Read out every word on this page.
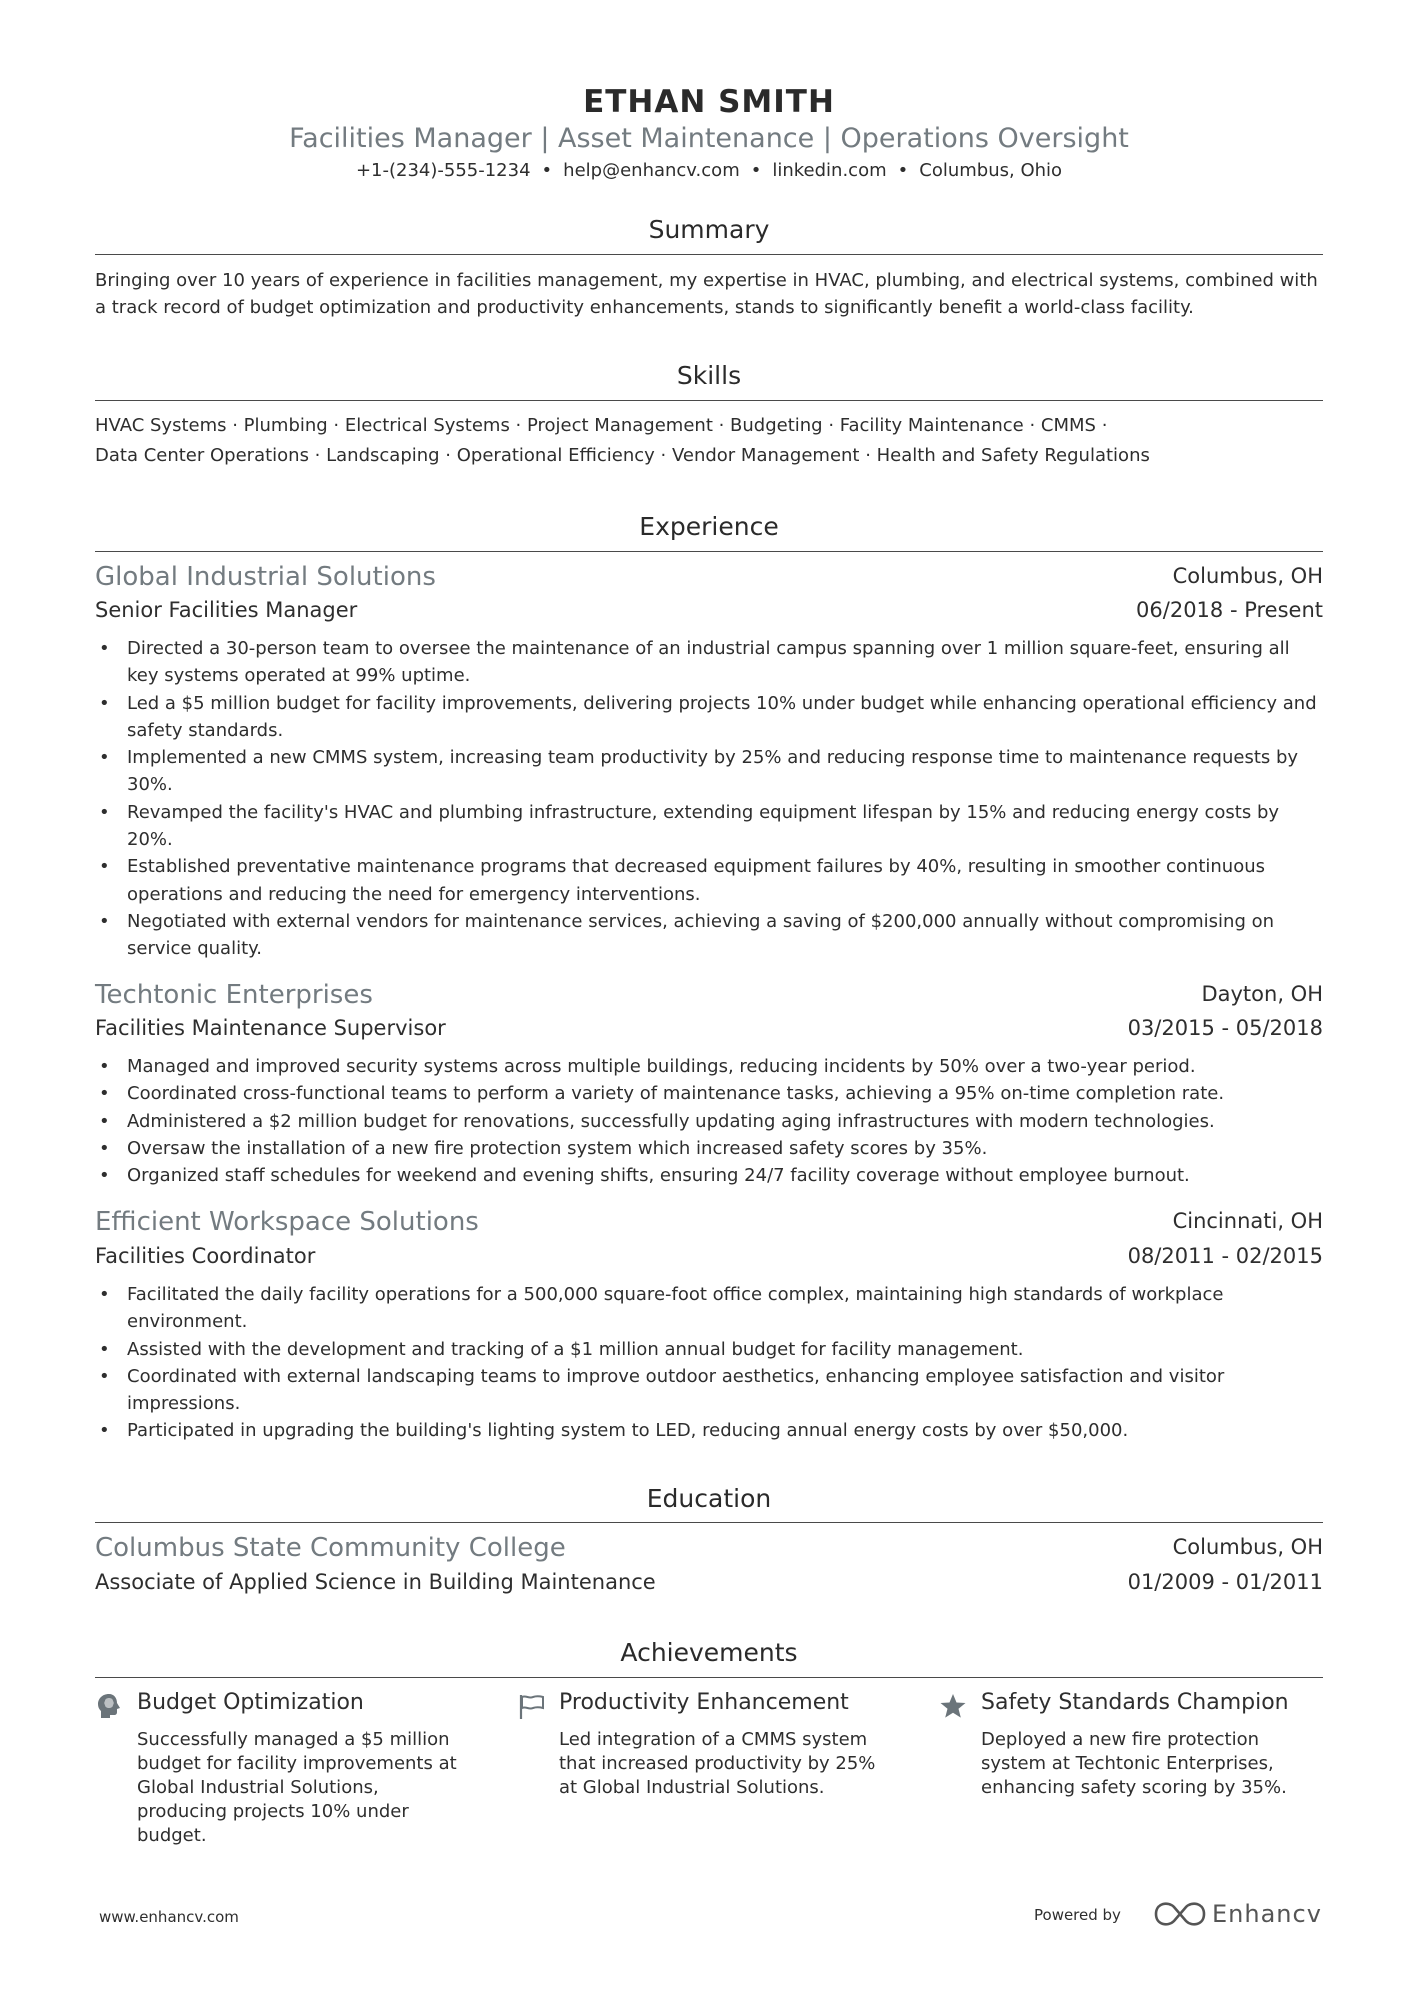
ETHAN SMITH
Facilities Manager | Asset Maintenance | Operations Oversight
+1-(234)-555-1234 • help@enhancv.com • linkedin.com • Columbus, Ohio
Summary
Bringing over 10 years of experience in facilities management, my expertise in HVAC, plumbing, and electrical systems, combined with a track record of budget optimization and productivity enhancements, stands to significantly benefit a world-class facility.
Skills
HVAC Systems · Plumbing · Electrical Systems · Project Management · Budgeting · Facility Maintenance · CMMS ·
Data Center Operations · Landscaping · Operational Efficiency · Vendor Management · Health and Safety Regulations
Experience
Global Industrial Solutions	Columbus, OH
Senior Facilities Manager	06/2018 - Present
• Directed a 30-person team to oversee the maintenance of an industrial campus spanning over 1 million square-feet, ensuring all key systems operated at 99% uptime.
• Led a $5 million budget for facility improvements, delivering projects 10% under budget while enhancing operational efficiency and safety standards.
• Implemented a new CMMS system, increasing team productivity by 25% and reducing response time to maintenance requests by 30%.
• Revamped the facility's HVAC and plumbing infrastructure, extending equipment lifespan by 15% and reducing energy costs by 20%.
• Established preventative maintenance programs that decreased equipment failures by 40%, resulting in smoother continuous operations and reducing the need for emergency interventions.
• Negotiated with external vendors for maintenance services, achieving a saving of $200,000 annually without compromising on service quality.
Techtonic Enterprises	Dayton, OH
Facilities Maintenance Supervisor	03/2015 - 05/2018
• Managed and improved security systems across multiple buildings, reducing incidents by 50% over a two-year period.
• Coordinated cross-functional teams to perform a variety of maintenance tasks, achieving a 95% on-time completion rate.
• Administered a $2 million budget for renovations, successfully updating aging infrastructures with modern technologies.
• Oversaw the installation of a new fire protection system which increased safety scores by 35%.
• Organized staff schedules for weekend and evening shifts, ensuring 24/7 facility coverage without employee burnout.
Efficient Workspace Solutions	Cincinnati, OH
Facilities Coordinator	08/2011 - 02/2015
• Facilitated the daily facility operations for a 500,000 square-foot office complex, maintaining high standards of workplace environment.
• Assisted with the development and tracking of a $1 million annual budget for facility management.
• Coordinated with external landscaping teams to improve outdoor aesthetics, enhancing employee satisfaction and visitor impressions.
• Participated in upgrading the building's lighting system to LED, reducing annual energy costs by over $50,000.
Education
Columbus State Community College	Columbus, OH
Associate of Applied Science in Building Maintenance	01/2009 - 01/2011
Achievements
Budget Optimization
Successfully managed a $5 million budget for facility improvements at Global Industrial Solutions, producing projects 10% under budget.
Productivity Enhancement
Led integration of a CMMS system that increased productivity by 25% at Global Industrial Solutions.
Safety Standards Champion
Deployed a new fire protection system at Techtonic Enterprises, enhancing safety scoring by 35%.
www.enhancv.com	Powered by	Enhancv
